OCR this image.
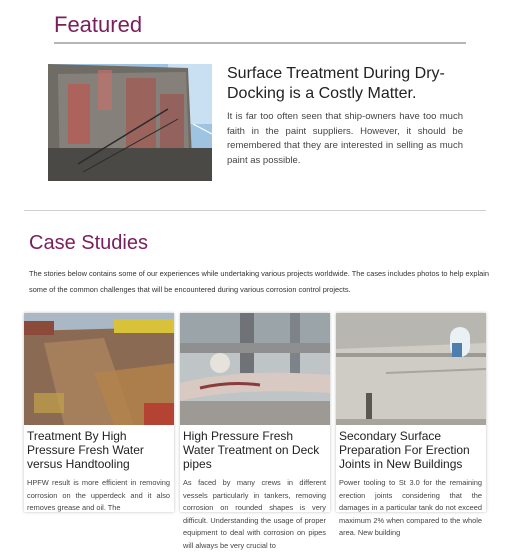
Featured
Surface Treatment During Dry-Docking is a Costly Matter.

It is far too often seen that ship-owners have too much faith in the paint suppliers. However, it should be remembered that they are interested in selling as much paint as possible.

Case Studies

The stories below contains some of our experiences while undertaking various projects worldwide. The cases includes photos to help explain some of the common challenges that will be encountered during various corrosion control projects.

Treatment By High Pressure Fresh Water versus Handtooling

HPFW result is more efficient in removing corrosion on the upperdeck and it also removes grease and oil. The

High Pressure Fresh Water Treatment on Deck pipes

As faced by many crews in different vessels particularly in tankers, removing corrosion on rounded shapes is very difficult. Understanding the usage of proper equipment to deal with corrosion on pipes will always be very crucial to

Secondary Surface Preparation For Erection Joints in New Buildings

Power tooling to St 3.0 for the remaining erection joints considering that the damages in a particular tank do not exceed maximum 2% when compared to the whole area. New building
